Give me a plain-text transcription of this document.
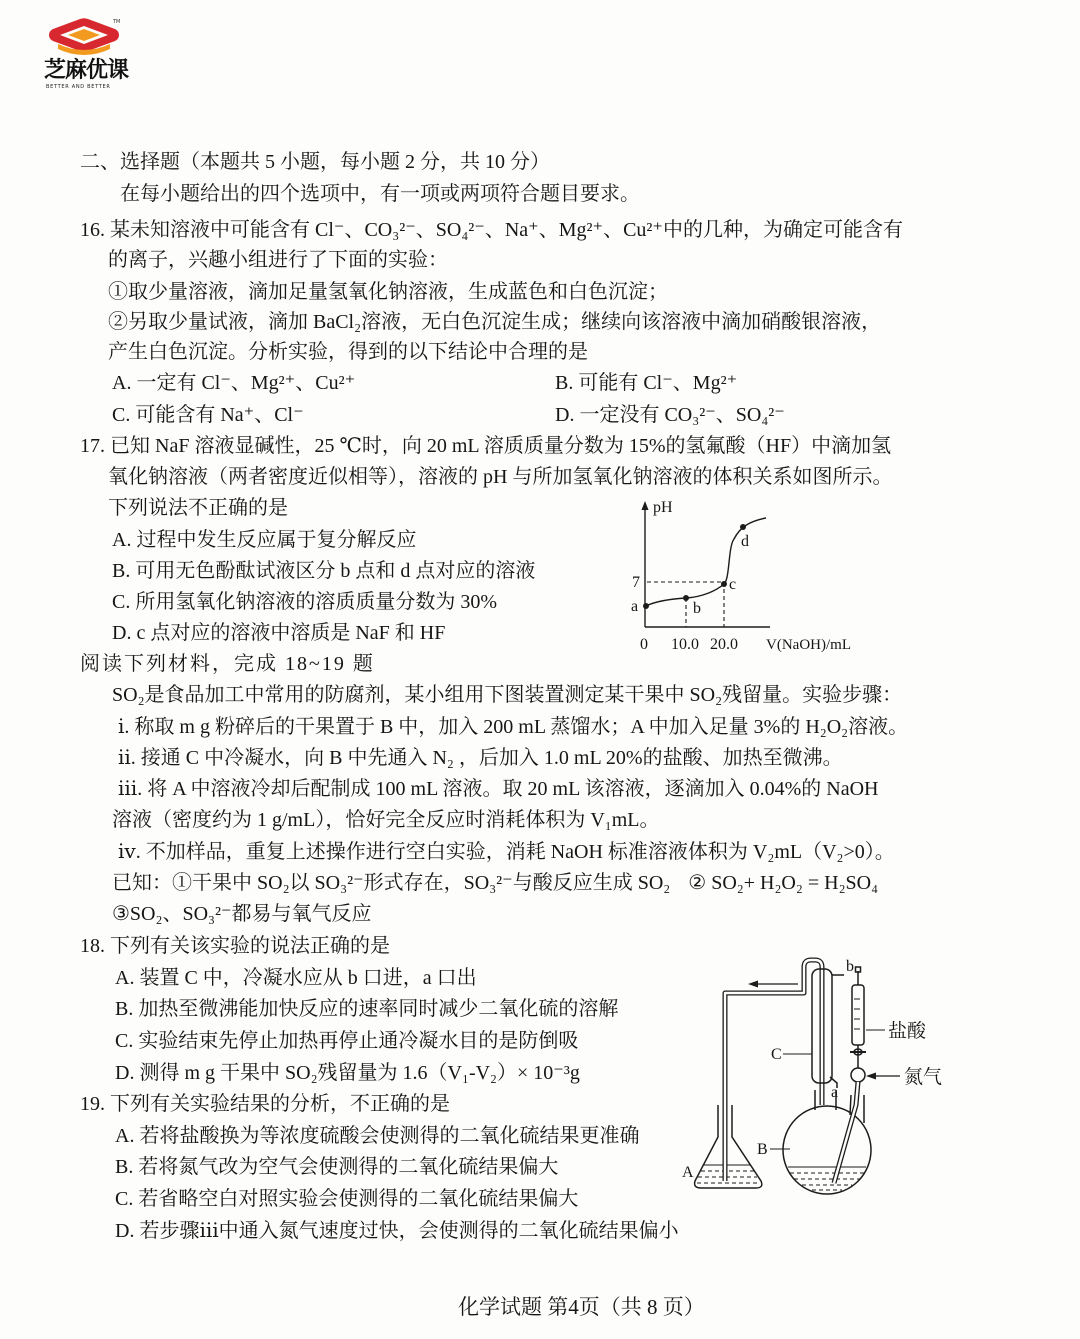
TM
芝麻优课
BETTER AND BETTER
二、选择题（本题共 5 小题，每小题 2 分，共 10 分）
在每小题给出的四个选项中，有一项或两项符合题目要求。
16. 某未知溶液中可能含有 Cl⁻、CO₃²⁻、SO₄²⁻、Na⁺、Mg²⁺、Cu²⁺中的几种，为确定可能含有
的离子，兴趣小组进行了下面的实验：
①取少量溶液，滴加足量氢氧化钠溶液，生成蓝色和白色沉淀；
②另取少量试液，滴加 BaCl₂溶液，无白色沉淀生成；继续向该溶液中滴加硝酸银溶液，
产生白色沉淀。分析实验，得到的以下结论中合理的是
A. 一定有 Cl⁻、Mg²⁺、Cu²⁺	B. 可能有 Cl⁻、Mg²⁺
C. 可能含有 Na⁺、Cl⁻	D. 一定没有 CO₃²⁻、SO₄²⁻
17. 已知 NaF 溶液显碱性，25 ℃时，向 20 mL 溶质质量分数为 15%的氢氟酸（HF）中滴加氢
氧化钠溶液（两者密度近似相等），溶液的 pH 与所加氢氧化钠溶液的体积关系如图所示。
下列说法不正确的是
A. 过程中发生反应属于复分解反应
B. 可用无色酚酞试液区分 b 点和 d 点对应的溶液
C. 所用氢氧化钠溶液的溶质质量分数为 30%
D. c 点对应的溶液中溶质是 NaF 和 HF
pH
7
0 10.0 20.0 V(NaOH)/mL
a	b
c
d
阅读下列材料，完成 18~19 题
SO₂是食品加工中常用的防腐剂，某小组用下图装置测定某干果中 SO₂残留量。实验步骤：
ⅰ. 称取 m g 粉碎后的干果置于 B 中，加入 200 mL 蒸馏水；A 中加入足量 3%的 H₂O₂溶液。
ⅱ. 接通 C 中冷凝水，向 B 中先通入 N₂ ，后加入 1.0 mL 20%的盐酸、加热至微沸。
ⅲ. 将 A 中溶液冷却后配制成 100 mL 溶液。取 20 mL 该溶液，逐滴加入 0.04%的 NaOH
溶液（密度约为 1 g/mL），恰好完全反应时消耗体积为 V₁mL。
ⅳ. 不加样品，重复上述操作进行空白实验，消耗 NaOH 标准溶液体积为 V₂mL（V₂>0）。
已知：①干果中 SO₂以 SO₃²⁻形式存在，SO₃²⁻与酸反应生成 SO₂ ② SO₂+ H₂O₂ = H₂SO₄
③SO₂、SO₃²⁻都易与氧气反应
18. 下列有关该实验的说法正确的是
A. 装置 C 中，冷凝水应从 b 口进，a 口出
B. 加热至微沸能加快反应的速率同时减少二氧化硫的溶解
C. 实验结束先停止加热再停止通冷凝水目的是防倒吸
D. 测得 m g 干果中 SO₂残留量为 1.6（V₁-V₂）× 10⁻³g
b
a
C
B
A
盐酸
氮气
19. 下列有关实验结果的分析，不正确的是
A. 若将盐酸换为等浓度硫酸会使测得的二氧化硫结果更准确
B. 若将氮气改为空气会使测得的二氧化硫结果偏大
C. 若省略空白对照实验会使测得的二氧化硫结果偏大
D. 若步骤ⅲ中通入氮气速度过快，会使测得的二氧化硫结果偏小
化学试题 第4页（共 8 页）
